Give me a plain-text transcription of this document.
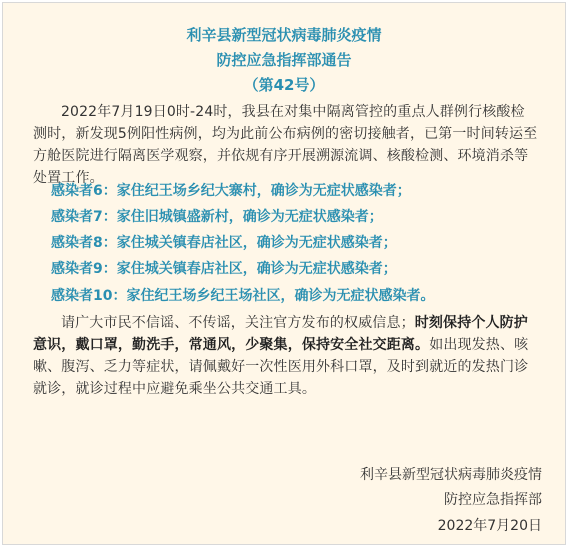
利辛县新型冠状病毒肺炎疫情
防控应急指挥部通告
（第42号）
2022年7月19日0时-24时，我县在对集中隔离管控的重点人群例行核酸检测时，新发现5例阳性病例，均为此前公布病例的密切接触者，已第一时间转运至方舱医院进行隔离医学观察，并依规有序开展溯源流调、核酸检测、环境消杀等处置工作。
感染者6：家住纪王场乡纪大寨村，确诊为无症状感染者；
感染者7：家住旧城镇盛新村，确诊为无症状感染者；
感染者8：家住城关镇春店社区，确诊为无症状感染者；
感染者9：家住城关镇春店社区，确诊为无症状感染者；
感染者10：家住纪王场乡纪王场社区，确诊为无症状感染者。
请广大市民不信谣、不传谣，关注官方发布的权威信息；时刻保持个人防护意识，戴口罩，勤洗手，常通风，少聚集，保持安全社交距离。如出现发热、咳嗽、腹泻、乏力等症状，请佩戴好一次性医用外科口罩，及时到就近的发热门诊就诊，就诊过程中应避免乘坐公共交通工具。
利辛县新型冠状病毒肺炎疫情
防控应急指挥部
2022年7月20日
